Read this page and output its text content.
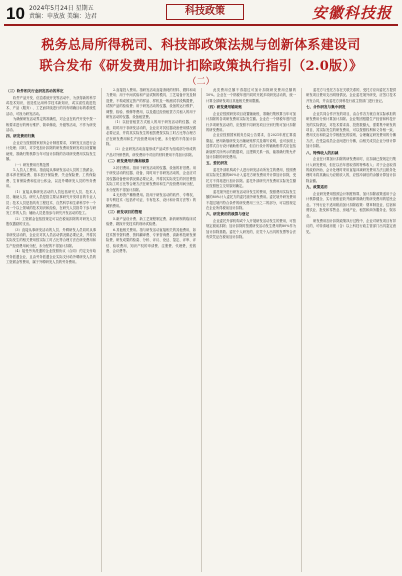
10 2024年5月24日 星期五
责编：申放放 美编：边君	科技政策	安徽科技报
税务总局所得税司、科技部政策法规与创新体系建设司
联合发布《研发费用加计扣除政策执行指引（2.0版）》
（二）
（三）软件相关行业研发活动的界定

软件产品开发、信息系统开发等活动中，为获得新的科学或技术知识，创造性运用科学技术新知识，或实质性改进技术、产品（服务）、工艺而持续进行的具有明确目标的系统性活动，可视为研发活动。

为确保研发活动界定的准确性，对企业在软件开发中按一般要求进行的例行维护、简单修改、升级等活动，不作为研发活动。

四、研发费用归集

企业应当按照国家财务会计制度要求，对研发支出进行会计处理；同时，对享受加计扣除的研发费用按研发项目设置辅助账，准确归集核算当年可加计扣除的各项研发费用实际发生额。

（一）研发费用归集范围

1.人员人工费用。指直接从事研发活动人员的工资薪金、基本养老保险费、基本医疗保险费、失业保险费、工伤保险费、生育保险费和住房公积金，以及外聘研发人员的劳务费用。

（1）直接从事研发活动的人员包括研究人员、技术人员、辅助人员。研究人员是指主要从事研究开发项目的专业人员；技术人员是指具有工程技术、自然科学和生命科学中一个或一个以上领域的技术知识和经验，在研究人员指导下参与研发工作的人员；辅助人员是指参与研究开发活动的技工。

（2）工资薪金包括按规定可以在税前扣除的对研发人员股权激励的支出。

（3）直接从事研发活动的人员、外聘研发人员同时从事非研发活动的，企业应对其人员活动情况做必要记录，并将其实际发生的相关费用按实际工时占比等合理方法在研发费用和生产经营费用间分配，未分配的不得加计扣除。

（4）接受劳务派遣的企业按照协议（合同）约定支付给劳务派遣企业，且由劳务派遣企业实际支付给外聘研发人员的工资薪金等费用，属于外聘研发人员的劳务费用。

2.直接投入费用。指研发活动直接消耗的材料、燃料和动力费用；用于中间试验和产品试制的模具、工艺装备开发及制造费，不构成固定资产的样品、样机及一般测试手段购置费，试制产品的检验费；用于研发活动的仪器、设备的运行维护、调整、检验、维修等费用，以及通过经营租赁方式租入的用于研发活动的仪器、设备租赁费。

（1）以经营租赁方式租入的用于研发活动的仪器、设备，同时用于非研发活动的，企业应对其仪器设备使用情况做必要记录，并将其实际发生的租赁费按实际工时占比等合理方法在研发费用和生产经营费用间分配，未分配的不得加计扣除。

（2）企业研发活动直接形成产品或作为组成部分形成的产品对外销售的，研发费用中对应的材料费用不得加计扣除。

（二）研发费用归集和核算

3.折旧费用。指用于研发活动的仪器、设备的折旧费。用于研发活动的仪器、设备，同时用于非研发活动的，企业应对其仪器设备使用情况做必要记录，并将其实际发生的折旧费按实际工时占比等合理方法在研发费用和生产经营费用间分配，未分配的不得加计扣除。

4.无形资产摊销费用。指用于研发活动的软件、专利权、非专利技术（包括许可证、专有技术、设计和计算方法等）的摊销费用。

（三）研发项目的管理

5.新产品设计费、新工艺规程制定费、新药研制的临床试验费、勘探开发技术的现场试验费。

6.其他相关费用。指与研发活动直接相关的其他费用，如技术图书资料费、资料翻译费、专家咨询费、高新科技研发保险费，研发成果的检索、分析、评议、论证、鉴定、评审、评估、验收费用，知识产权的申请费、注册费、代理费，差旅费、会议费等。

此类费用总额不得超过可加计扣除研发费用总额的10%。企业在一个纳税年度内同时开展多项研发活动的，统一计算全部研发项目其他相关费用限额。

（四）研发费用辅助账

企业应按照研发项目设置辅助账，准确归集核算当年可加计扣除的各项研发费用实际发生额。企业在一个纳税年度内进行多项研发活动的，应按照不同研发项目分别归集可加计扣除的研发费用。

企业应按照国家税务总局公告要求，自2021年度汇算清缴起，使用新版研发支出辅助账样式及填写说明，也可参照上述样式自行设计辅助账样式，但自行设计的辅助账样式应包括新版样式所列示的数据项，且逻辑关系一致，能准确归集允许加计扣除的研发费用。

五、委托研发

委托外部机构或个人进行研发活动所发生的费用，按照费用实际发生额的80%计入委托方研发费用并计算加计扣除，受托方不得再进行加计扣除。委托外部研究开发费用实际发生额应按照独立交易原则确定。

委托境外进行研发活动所发生的费用，按照费用实际发生额的80%计入委托方的委托境外研发费用。委托境外研发费用不超过境内符合条件的研发费用三分之二的部分，可以按规定在企业所得税前加计扣除。

六、研发费用的核算与登记

企业委托外部机构或个人开展研发活动发生的费用，可按规定税前扣除；加计扣除时按照研发活动发生费用的80%作为加计扣除基数。委托个人研发的，应凭个人出具的发票等合法有效凭证在税前加计扣除。

委托方与受托方存在关联关系的，受托方应向委托方提供研发项目费用支出明细情况。企业委托境外研发，应签订技术开发合同，并由委托方到科技行政主管部门进行登记。

七、合作研发与集中研发

企业共同合作开发的项目，由合作各方就自身实际承担的研发费用分别计算加计扣除。企业集团根据生产经营和科技开发的实际情况，对技术要求高、投资数额大，需要集中研发的项目，其实际发生的研发费用，可以按照权利和义务相一致、费用支出和收益分享相配比的原则，合理确定研发费用的分摊方法，在受益成员企业间进行分摊，由相关成员企业分别计算加计扣除。

八、特殊收入的扣减

企业在计算加计扣除的研发费用时，应扣减已按规定归集计入研发费用，但在以后年度取得的特殊收入；对于企业取得的政府补助，会计处理时采用直接冲减研发费用方法且税务处理时未将其确认为应税收入的，应按冲减后的余额计算加计扣除金额。

九、政策适用

企业研发费用按照会计制度核算，加计扣除政策适用于会计核算健全、实行查账征收并能够准确归集研发费用的居民企业。下列行业不适用税前加计扣除政策：烟草制造业、住宿和餐饮业、批发和零售业、房地产业、租赁和商务服务业、娱乐业。

研发费用加计扣除政策执行过程中，企业对研发项目有异议的，可转请地市级（含）以上科技行政主管部门出具鉴定意见。
